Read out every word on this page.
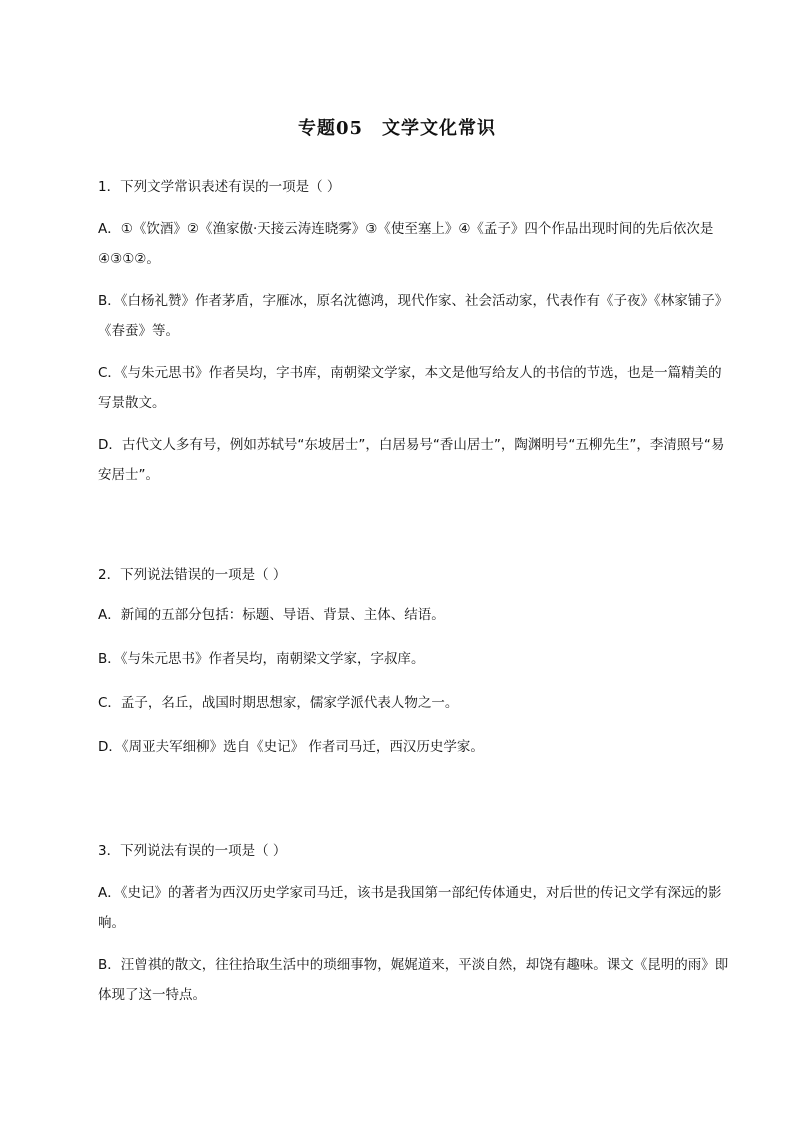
专题05　文学文化常识

1．下列文学常识表述有误的一项是（ ）

A．①《饮酒》②《渔家傲·天接云涛连晓雾》③《使至塞上》④《孟子》四个作品出现时间的先后依次是④③①②。

B．《白杨礼赞》作者茅盾，字雁冰，原名沈德鸿，现代作家、社会活动家，代表作有《子夜》《林家铺子》《春蚕》等。

C．《与朱元思书》作者吴均，字书库，南朝梁文学家，本文是他写给友人的书信的节选，也是一篇精美的写景散文。

D．古代文人多有号，例如苏轼号“东坡居士”，白居易号“香山居士”，陶渊明号“五柳先生”，李清照号“易安居士”。

2．下列说法错误的一项是（ ）

A．新闻的五部分包括：标题、导语、背景、主体、结语。

B．《与朱元思书》作者吴均，南朝梁文学家，字叔庠。

C．孟子，名丘，战国时期思想家，儒家学派代表人物之一。

D．《周亚夫军细柳》选自《史记》 作者司马迁，西汉历史学家。

3．下列说法有误的一项是（ ）

A．《史记》的著者为西汉历史学家司马迁，该书是我国第一部纪传体通史，对后世的传记文学有深远的影响。

B．汪曾祺的散文，往往拾取生活中的琐细事物，娓娓道来，平淡自然，却饶有趣味。课文《昆明的雨》即体现了这一特点。
